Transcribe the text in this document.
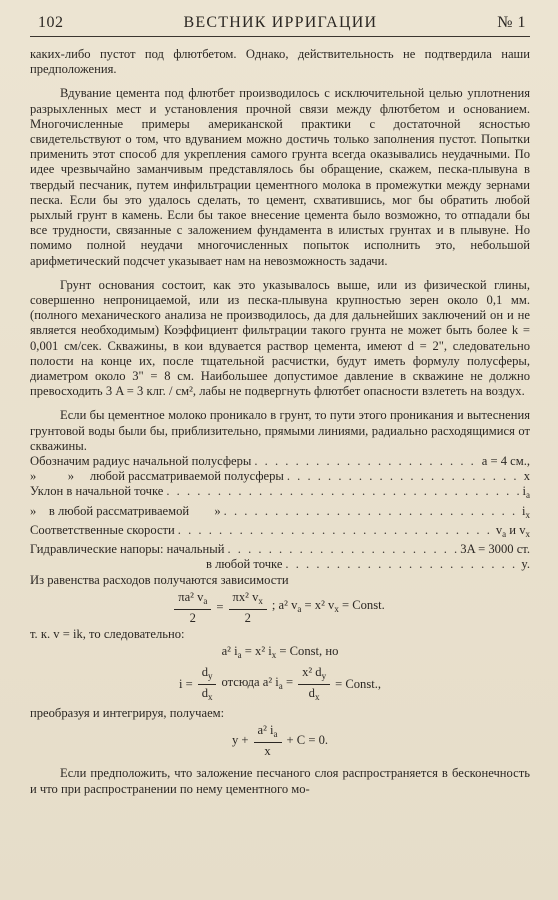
102	ВЕСТНИК ИРРИГАЦИИ	№ 1

каких-либо пустот под флютбетом. Однако, действительность не подтвердила наши предположения.

Вдувание цемента под флютбет производилось с исключительной целью уплотнения разрыхленных мест и установления прочной связи между флютбетом и основанием. Многочисленные примеры американской практики с достаточной ясностью свидетельствуют о том, что вдуванием можно достичь только заполнения пустот. Попытки применить этот способ для укрепления самого грунта всегда оказывались неудачными. По идее чрезвычайно заманчивым представлялось бы обращение, скажем, песка-плывуна в твердый песчаник, путем инфильтрации цементного молока в промежутки между зернами песка. Если бы это удалось сделать, то цемент, схватившись, мог бы обратить любой рыхлый грунт в камень. Если бы такое внесение цемента было возможно, то отпадали бы все трудности, связанные с заложением фундамента в илистых грунтах и в плывуне. Но помимо полной неудачи многочисленных попыток исполнить это, небольшой арифметический подсчет указывает нам на невозможность задачи.

Грунт основания состоит, как это указывалось выше, или из физической глины, совершенно непроницаемой, или из песка-плывуна крупностью зерен около 0,1 мм. (полного механического анализа не производилось, да для дальнейших заключений он и не является необходимым) Коэффициент фильтрации такого грунта не может быть более k = 0,001 см/сек. Скважины, в кои вдувается раствор цемента, имеют d = 2", следовательно полости на конце их, после тщательной расчистки, будут иметь формулу полусферы, диаметром около 3" = 8 см. Наибольшее допустимое давление в скважине не должно превосходить 3 A = 3 клг. / см², лабы не подвергнуть флютбет опасности взлететь на воздух.

Если бы цементное молоко проникало в грунт, то пути этого проникания и вытеснения грунтовой воды были бы, приблизительно, прямыми линиями, радиально расходящимися от скважины.

Обозначим радиус начальной полусферы . . .	a = 4 см.,
»          »     любой рассматриваемой полусферы . . .	x
Уклон в начальной точке . . .	$i_a$
»    в любой рассматриваемой        » . . .	$i_x$
Соответственные скорости . . .	$v_a$ и $v_x$
Гидравлические напоры: начальный . . .	3A = 3000 ст.
в любой точке . . .	y.

Из равенства расходов получаются зависимости

$\frac{\pi a^2 v_a}{2} = \frac{\pi x^2 v_x}{2}$ ; a² $v_a = x^2$ $v_x$ = Const.

т. к. v = ik, то следовательно:

a² $i_a = x^2$ $i_x$ = Const, но
$i = \frac{d_y}{d_x}$ отсюда a² $i_a = \frac{x^2 d_y}{d_x}$ = Const.,

преобразуя и интегрируя, получаем:

$y + \frac{a^2 i_a}{x} + C = 0$.

Если предположить, что заложение песчаного слоя распространяется в бесконечность и что при распространении по нему цементного мо-
